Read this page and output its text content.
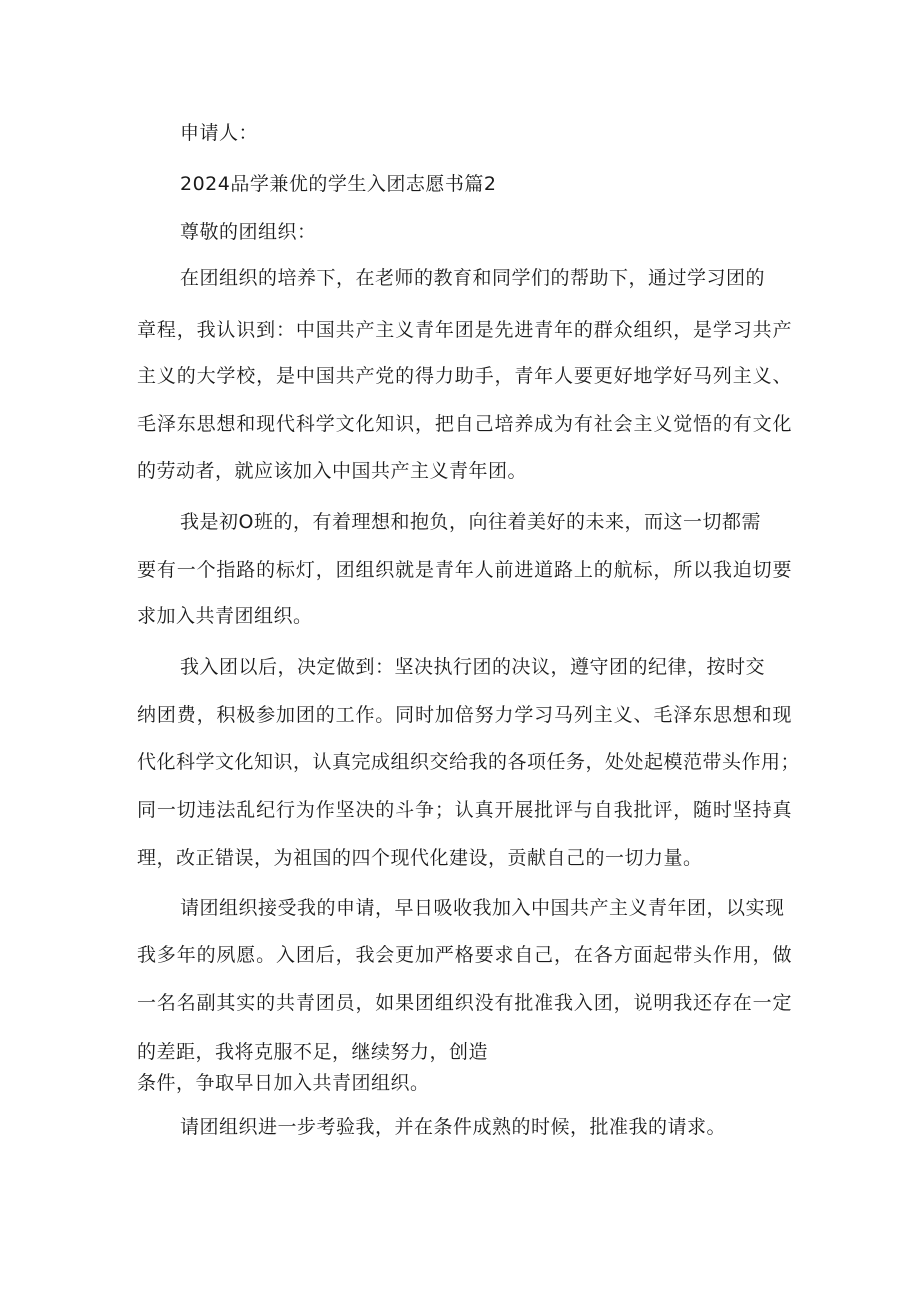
申请人：
2024品学兼优的学生入团志愿书篇2
尊敬的团组织：
在团组织的培养下，在老师的教育和同学们的帮助下，通过学习团的
章程，我认识到：中国共产主义青年团是先进青年的群众组织，是学习共产
主义的大学校，是中国共产党的得力助手，青年人要更好地学好马列主义、
毛泽东思想和现代科学文化知识，把自己培养成为有社会主义觉悟的有文化
的劳动者，就应该加入中国共产主义青年团。
我是初O班的，有着理想和抱负，向往着美好的未来，而这一切都需
要有一个指路的标灯，团组织就是青年人前进道路上的航标，所以我迫切要
求加入共青团组织。
我入团以后，决定做到：坚决执行团的决议，遵守团的纪律，按时交
纳团费，积极参加团的工作。同时加倍努力学习马列主义、毛泽东思想和现
代化科学文化知识，认真完成组织交给我的各项任务，处处起模范带头作用；
同一切违法乱纪行为作坚决的斗争；认真开展批评与自我批评，随时坚持真
理，改正错误，为祖国的四个现代化建设，贡献自己的一切力量。
请团组织接受我的申请，早日吸收我加入中国共产主义青年团，以实现
我多年的夙愿。入团后，我会更加严格要求自己，在各方面起带头作用，做
一名名副其实的共青团员，如果团组织没有批准我入团，说明我还存在一定
的差距，我将克服不足，继续努力，创造
条件，争取早日加入共青团组织。
请团组织进一步考验我，并在条件成熟的时候，批准我的请求。
